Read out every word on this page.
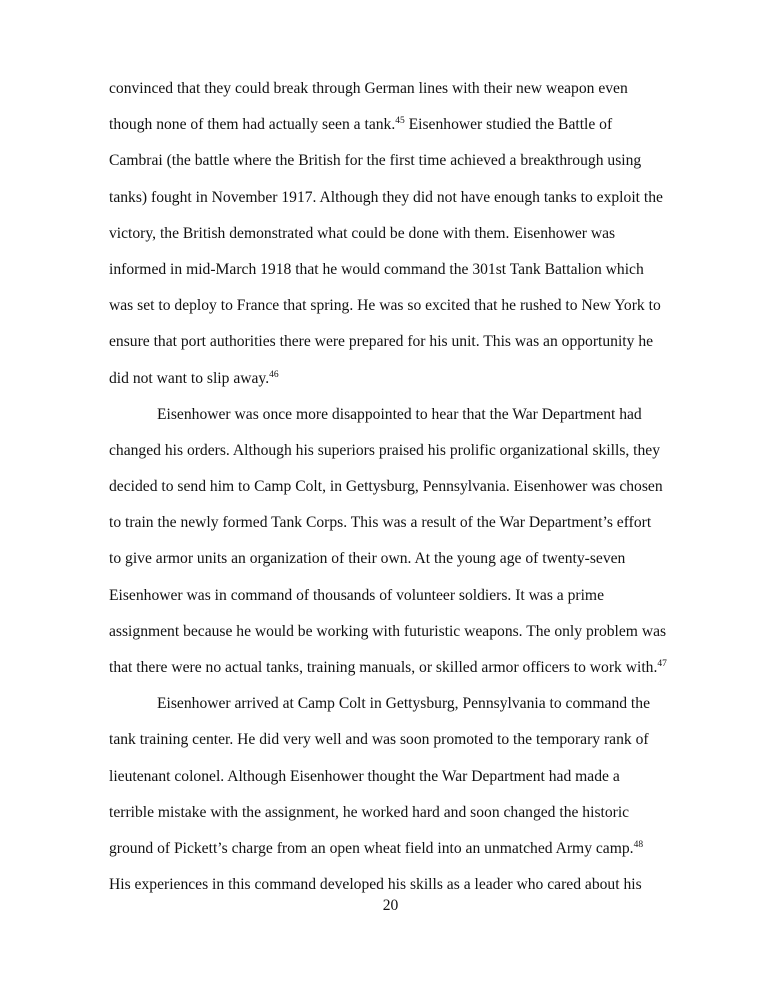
convinced that they could break through German lines with their new weapon even
though none of them had actually seen a tank.$^{45}$ Eisenhower studied the Battle of
Cambrai (the battle where the British for the first time achieved a breakthrough using
tanks) fought in November 1917. Although they did not have enough tanks to exploit the
victory, the British demonstrated what could be done with them. Eisenhower was
informed in mid-March 1918 that he would command the 301st Tank Battalion which
was set to deploy to France that spring. He was so excited that he rushed to New York to
ensure that port authorities there were prepared for his unit. This was an opportunity he
did not want to slip away.$^{46}$
Eisenhower was once more disappointed to hear that the War Department had
changed his orders. Although his superiors praised his prolific organizational skills, they
decided to send him to Camp Colt, in Gettysburg, Pennsylvania. Eisenhower was chosen
to train the newly formed Tank Corps. This was a result of the War Department’s effort
to give armor units an organization of their own. At the young age of twenty-seven
Eisenhower was in command of thousands of volunteer soldiers. It was a prime
assignment because he would be working with futuristic weapons. The only problem was
that there were no actual tanks, training manuals, or skilled armor officers to work with.$^{47}$
Eisenhower arrived at Camp Colt in Gettysburg, Pennsylvania to command the
tank training center. He did very well and was soon promoted to the temporary rank of
lieutenant colonel. Although Eisenhower thought the War Department had made a
terrible mistake with the assignment, he worked hard and soon changed the historic
ground of Pickett’s charge from an open wheat field into an unmatched Army camp.$^{48}$
His experiences in this command developed his skills as a leader who cared about his
20
